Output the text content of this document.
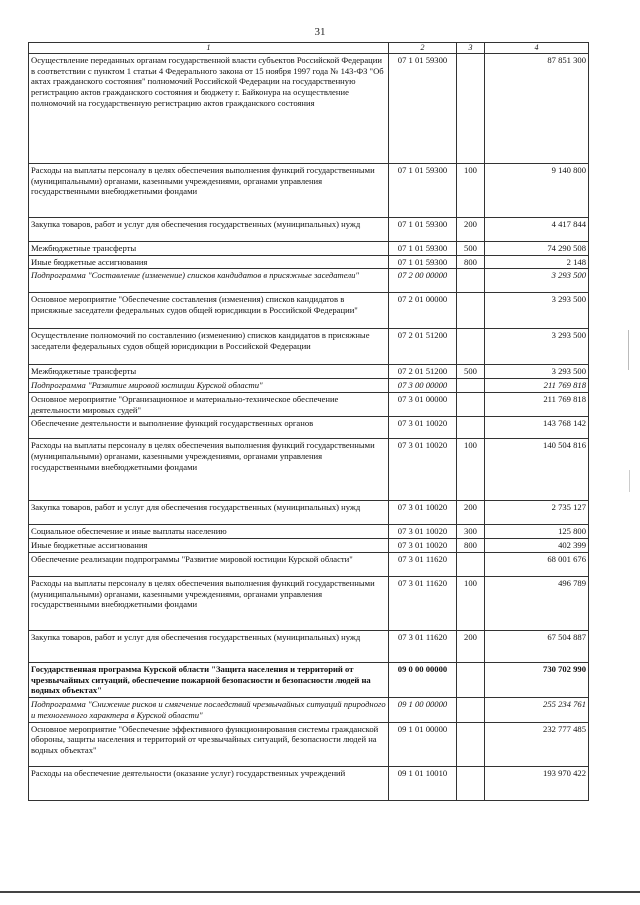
31
1	2	3	4
Осуществление переданных органам государственной власти субъектов Российской Федерации в соответствии с пунктом 1 статьи 4 Федерального закона от 15 ноября 1997 года № 143-ФЗ "Об актах гражданского состояния" полномочий Российской Федерации на государственную регистрацию актов гражданского состояния и бюджету г. Байконура на осуществление полномочий на государственную регистрацию актов гражданского состояния	07 1 01 59300		87 851 300
Расходы на выплаты персоналу в целях обеспечения выполнения функций государственными (муниципальными) органами, казенными учреждениями, органами управления государственными внебюджетными фондами	07 1 01 59300	100	9 140 800
Закупка товаров, работ и услуг для обеспечения государственных (муниципальных) нужд	07 1 01 59300	200	4 417 844
Межбюджетные трансферты	07 1 01 59300	500	74 290 508
Иные бюджетные ассигнования	07 1 01 59300	800	2 148
Подпрограмма "Составление (изменение) списков кандидатов в присяжные заседатели"	07 2 00 00000		3 293 500
Основное мероприятие "Обеспечение составления (изменения) списков кандидатов в присяжные заседатели федеральных судов общей юрисдикции в Российской Федерации"	07 2 01 00000		3 293 500
Осуществление полномочий по составлению (изменению) списков кандидатов в присяжные заседатели федеральных судов общей юрисдикции в Российской Федерации	07 2 01 51200		3 293 500
Межбюджетные трансферты	07 2 01 51200	500	3 293 500
Подпрограмма "Развитие мировой юстиции Курской области"	07 3 00 00000		211 769 818
Основное мероприятие "Организационное и материально-техническое обеспечение деятельности мировых судей"	07 3 01 00000		211 769 818
Обеспечение деятельности и выполнение функций государственных органов	07 3 01 10020		143 768 142
Расходы на выплаты персоналу в целях обеспечения выполнения функций государственными (муниципальными) органами, казенными учреждениями, органами управления государственными внебюджетными фондами	07 3 01 10020	100	140 504 816
Закупка товаров, работ и услуг для обеспечения государственных (муниципальных) нужд	07 3 01 10020	200	2 735 127
Социальное обеспечение и иные выплаты населению	07 3 01 10020	300	125 800
Иные бюджетные ассигнования	07 3 01 10020	800	402 399
Обеспечение реализации подпрограммы "Развитие мировой юстиции Курской области"	07 3 01 11620		68 001 676
Расходы на выплаты персоналу в целях обеспечения выполнения функций государственными (муниципальными) органами, казенными учреждениями, органами управления государственными внебюджетными фондами	07 3 01 11620	100	496 789
Закупка товаров, работ и услуг для обеспечения государственных (муниципальных) нужд	07 3 01 11620	200	67 504 887
Государственная программа Курской области "Защита населения и территорий от чрезвычайных ситуаций, обеспечение пожарной безопасности и безопасности людей на водных объектах"	09 0 00 00000		730 702 990
Подпрограмма "Снижение рисков и смягчение последствий чрезвычайных ситуаций природного и техногенного характера в Курской области"	09 1 00 00000		255 234 761
Основное мероприятие "Обеспечение эффективного функционирования системы гражданской обороны, защиты населения и территорий от чрезвычайных ситуаций, безопасности людей на водных объектах"	09 1 01 00000		232 777 485
Расходы на обеспечение деятельности (оказание услуг) государственных учреждений	09 1 01 10010		193 970 422
